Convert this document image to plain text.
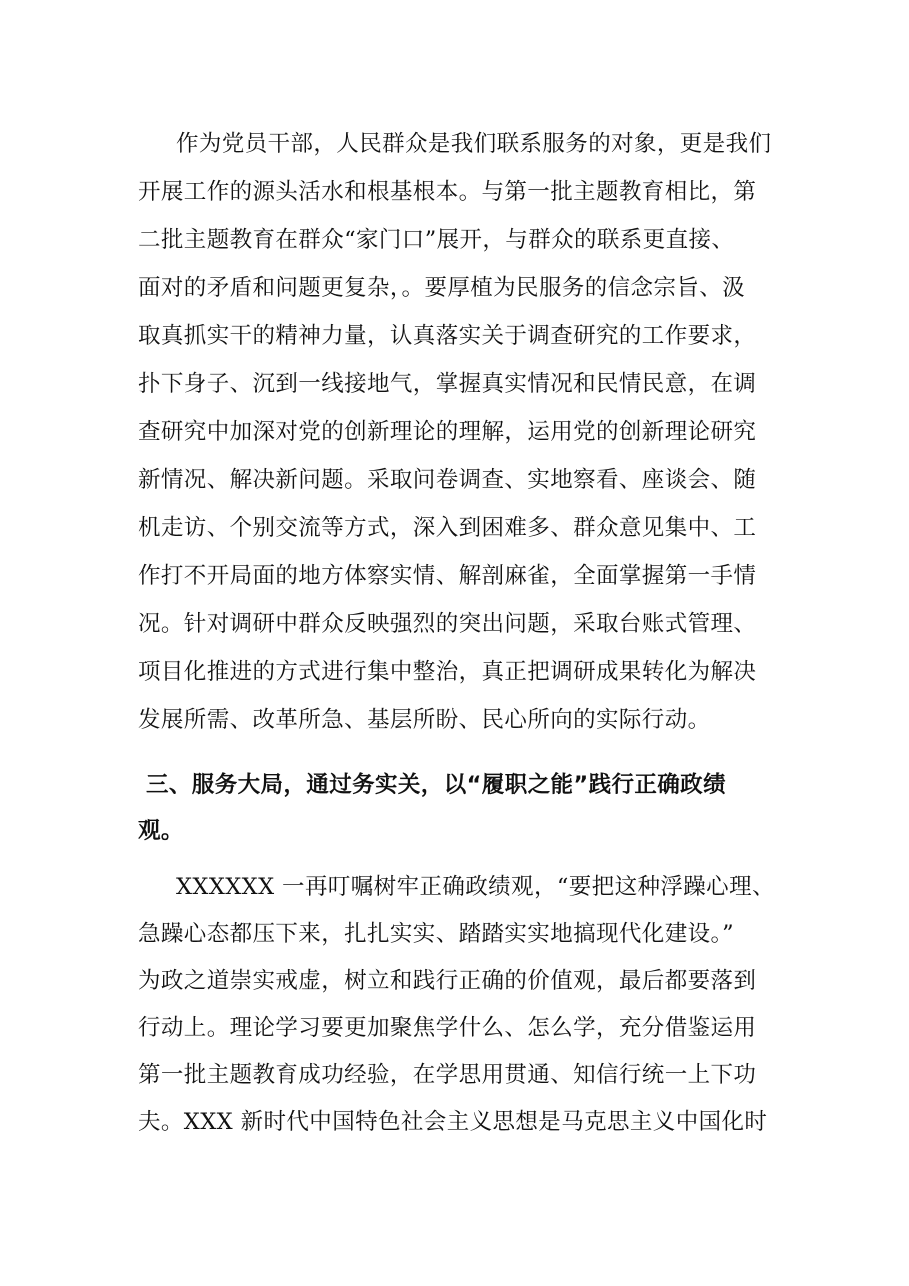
作为党员干部，人民群众是我们联系服务的对象，更是我们
开展工作的源头活水和根基根本。与第一批主题教育相比，第
二批主题教育在群众“家门口”展开，与群众的联系更直接、
面对的矛盾和问题更复杂，。要厚植为民服务的信念宗旨、汲
取真抓实干的精神力量，认真落实关于调查研究的工作要求，
扑下身子、沉到一线接地气，掌握真实情况和民情民意，在调
查研究中加深对党的创新理论的理解，运用党的创新理论研究
新情况、解决新问题。采取问卷调查、实地察看、座谈会、随
机走访、个别交流等方式，深入到困难多、群众意见集中、工
作打不开局面的地方体察实情、解剖麻雀，全面掌握第一手情
况。针对调研中群众反映强烈的突出问题，采取台账式管理、
项目化推进的方式进行集中整治，真正把调研成果转化为解决
发展所需、改革所急、基层所盼、民心所向的实际行动。
三、服务大局，通过务实关，以“履职之能”践行正确政绩
观。
XXXXXX 一再叮嘱树牢正确政绩观，“要把这种浮躁心理、
急躁心态都压下来，扎扎实实、踏踏实实地搞现代化建设。”
为政之道崇实戒虚，树立和践行正确的价值观，最后都要落到
行动上。理论学习要更加聚焦学什么、怎么学，充分借鉴运用
第一批主题教育成功经验，在学思用贯通、知信行统一上下功
夫。XXX 新时代中国特色社会主义思想是马克思主义中国化时
